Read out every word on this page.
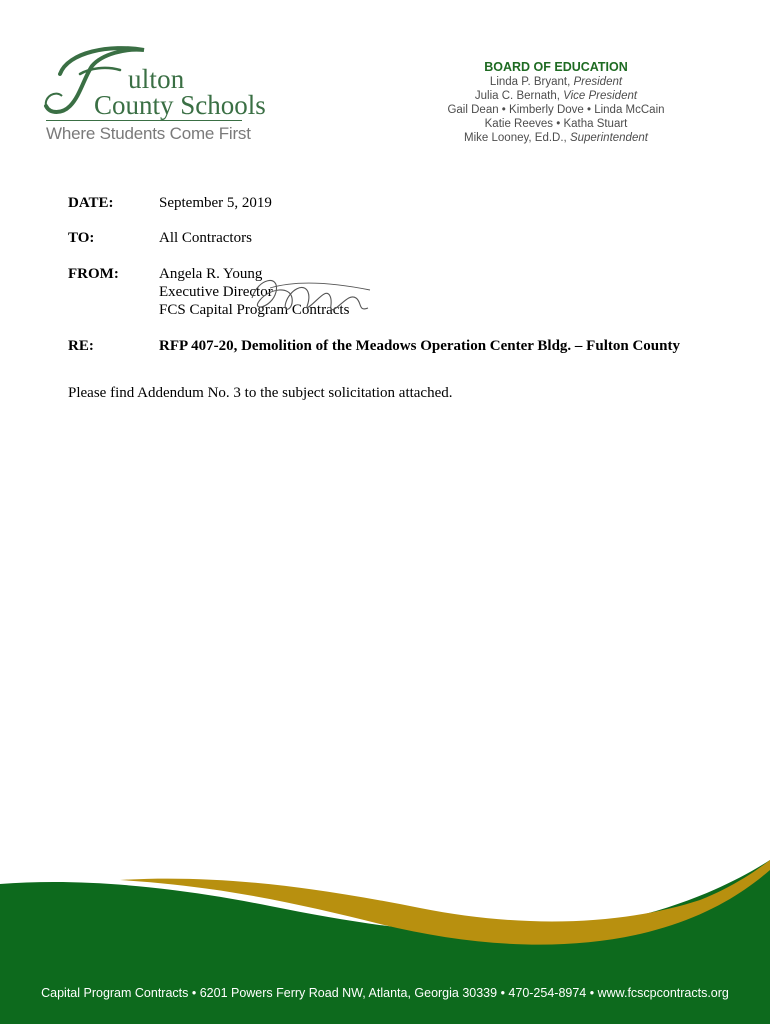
ulton
County Schools
Where Students Come First
BOARD OF EDUCATION
Linda P. Bryant, President
Julia C. Bernath, Vice President
Gail Dean • Kimberly Dove • Linda McCain
Katie Reeves • Katha Stuart
Mike Looney, Ed.D., Superintendent
DATE:	September 5, 2019
TO:	All Contractors
FROM:	Angela R. Young
Executive Director
FCS Capital Program Contracts
RE:	RFP 407-20, Demolition of the Meadows Operation Center Bldg. – Fulton County
Please find Addendum No. 3 to the subject solicitation attached.
Capital Program Contracts • 6201 Powers Ferry Road NW, Atlanta, Georgia 30339 • 470-254-8974 • www.fcscpcontracts.org
